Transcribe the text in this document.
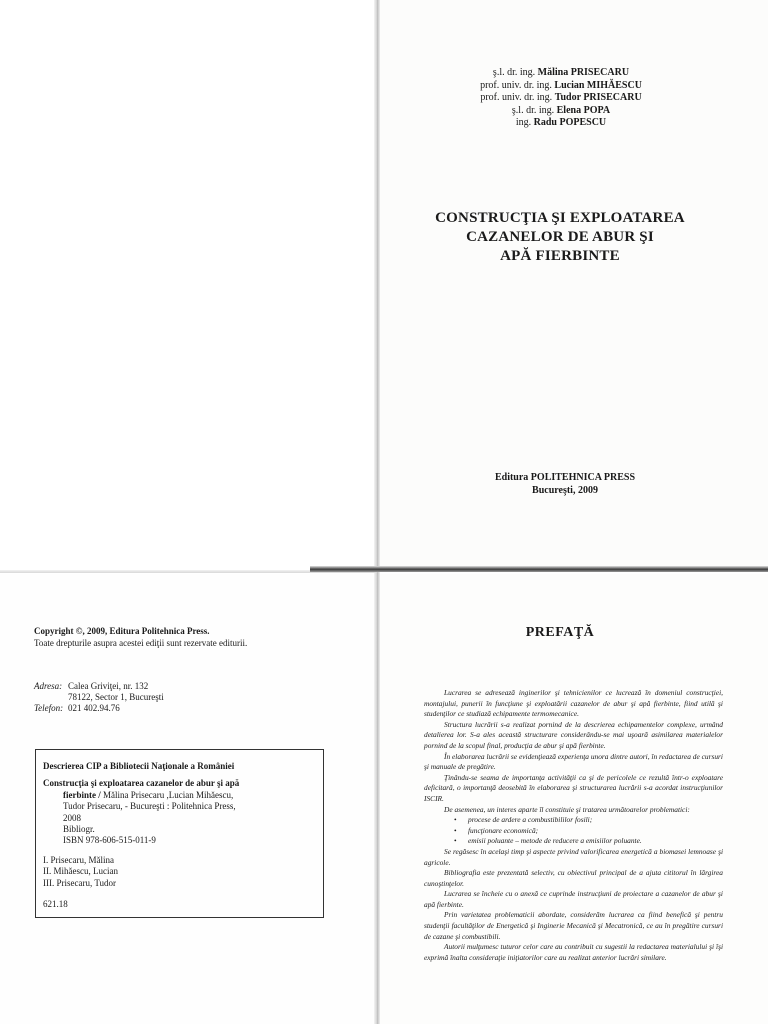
ş.l. dr. ing. Mălina PRISECARU
prof. univ. dr. ing. Lucian MIHĂESCU
prof. univ. dr. ing. Tudor PRISECARU
ş.l. dr. ing. Elena POPA
ing. Radu POPESCU
CONSTRUCŢIA ŞI EXPLOATAREA
CAZANELOR DE ABUR ŞI
APĂ FIERBINTE
Editura POLITEHNICA PRESS
Bucureşti, 2009
Copyright ©, 2009, Editura Politehnica Press.
Toate drepturile asupra acestei ediţii sunt rezervate editurii.
Adresa: Calea Griviţei, nr. 132
78122, Sector 1, Bucureşti
Telefon: 021 402.94.76
Descrierea CIP a Bibliotecii Naţionale a României
Construcţia şi exploatarea cazanelor de abur şi apă
fierbinte / Mălina Prisecaru ,Lucian Mihăescu,
Tudor Prisecaru, - Bucureşti : Politehnica Press,
2008
Bibliogr.
ISBN 978-606-515-011-9
I. Prisecaru, Mălina
II. Mihăescu, Lucian
III. Prisecaru, Tudor
621.18
PREFAŢĂ

Lucrarea se adresează inginerilor şi tehnicienilor ce lucrează în domeniul construcţiei, montajului, punerii în funcţiune şi exploatării cazanelor de abur şi apă fierbinte, fiind utilă şi studenţilor ce studiază echipamente termomecanice.

Structura lucrării s-a realizat pornind de la descrierea echipamentelor complexe, urmând detalierea lor. S-a ales această structurare considerându-se mai uşoară asimilarea materialelor pornind de la scopul final, producţia de abur şi apă fierbinte.

În elaborarea lucrării se evidenţiează experienţa unora dintre autori, în redactarea de cursuri şi manuale de pregătire.

Ţinându-se seama de importanţa activităţii ca şi de pericolele ce rezultă într-o exploatare deficitară, o importanţă deosebită în elaborarea şi structurarea lucrării s-a acordat instrucţiunilor ISCIR.

De asemenea, un interes aparte îl constituie şi tratarea următoarelor problematici:

• procese de ardere a combustibililor fosili;
• funcţionare economică;
• emisii poluante – metode de reducere a emisiilor poluante.

Se regăsesc în acelaşi timp şi aspecte privind valorificarea energetică a biomasei lemnoase şi agricole.

Bibliografia este prezentată selectiv, cu obiectivul principal de a ajuta cititorul în lărgirea cunoştinţelor.

Lucrarea se încheie cu o anexă ce cuprinde instrucţiuni de proiectare a cazanelor de abur şi apă fierbinte.

Prin varietatea problematicii abordate, considerăm lucrarea ca fiind benefică şi pentru studenţii facultăţilor de Energetică şi Inginerie Mecanică şi Mecatronică, ce au în pregătire cursuri de cazane şi combustibili.

Autorii mulţumesc tuturor celor care au contribuit cu sugestii la redactarea materialului şi îşi exprimă înalta consideraţie iniţiatorilor care au realizat anterior lucrări similare.
